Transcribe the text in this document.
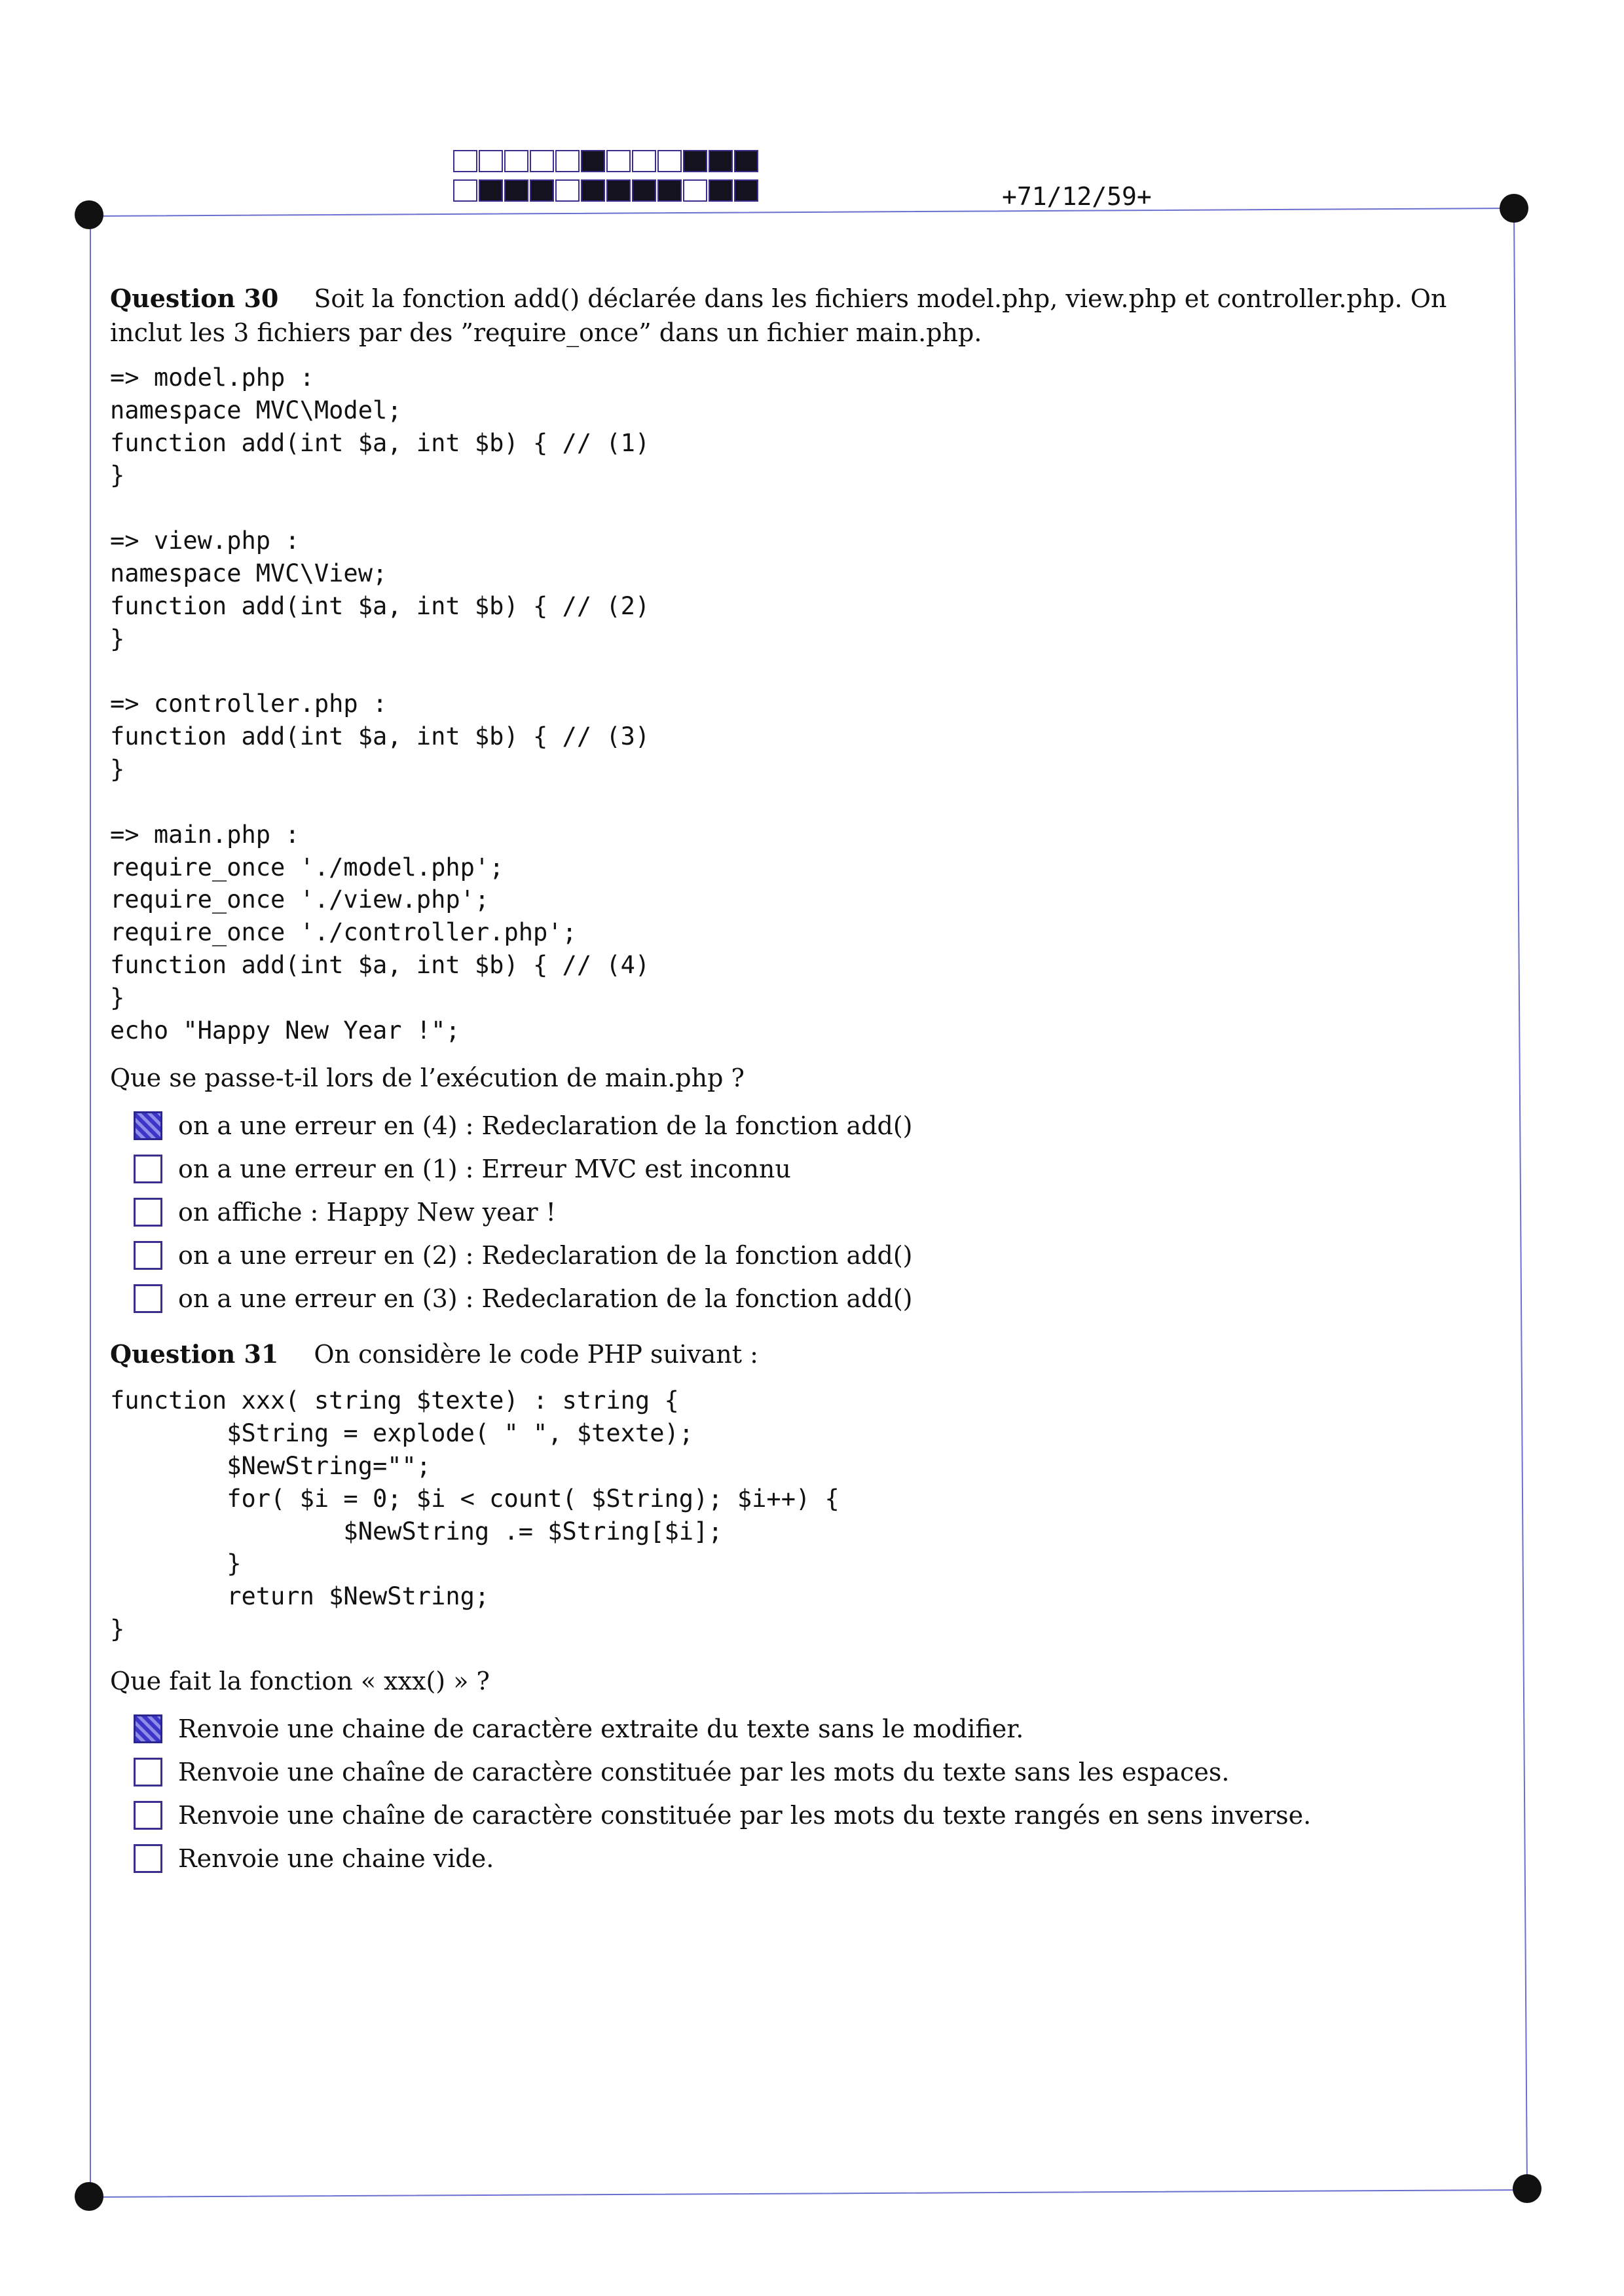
+71/12/59+

Question 30 Soit la fonction add() déclarée dans les fichiers model.php, view.php et controller.php. On inclut les 3 fichiers par des ”require_once” dans un fichier main.php.

=> model.php :
namespace MVC\Model;
function add(int $a, int $b) { // (1)
}
=> view.php :
namespace MVC\View;
function add(int $a, int $b) { // (2)
}
=> controller.php :
function add(int $a, int $b) { // (3)
}
=> main.php :
require_once './model.php';
require_once './view.php';
require_once './controller.php';
function add(int $a, int $b) { // (4)
}
echo "Happy New Year !";

Que se passe-t-il lors de l’exécution de main.php ?

on a une erreur en (4) : Redeclaration de la fonction add()
on a une erreur en (1) : Erreur MVC est inconnu
on affiche : Happy New year !
on a une erreur en (2) : Redeclaration de la fonction add()
on a une erreur en (3) : Redeclaration de la fonction add()

Question 31 On considère le code PHP suivant :

function xxx( string $texte) : string {
$String = explode( " ", $texte);
$NewString="";
for( $i = 0; $i < count( $String); $i++) {
$NewString .= $String[$i];
}
return $NewString;
}

Que fait la fonction « xxx() » ?

Renvoie une chaine de caractère extraite du texte sans le modifier.
Renvoie une chaîne de caractère constituée par les mots du texte sans les espaces.
Renvoie une chaîne de caractère constituée par les mots du texte rangés en sens inverse.
Renvoie une chaine vide.
